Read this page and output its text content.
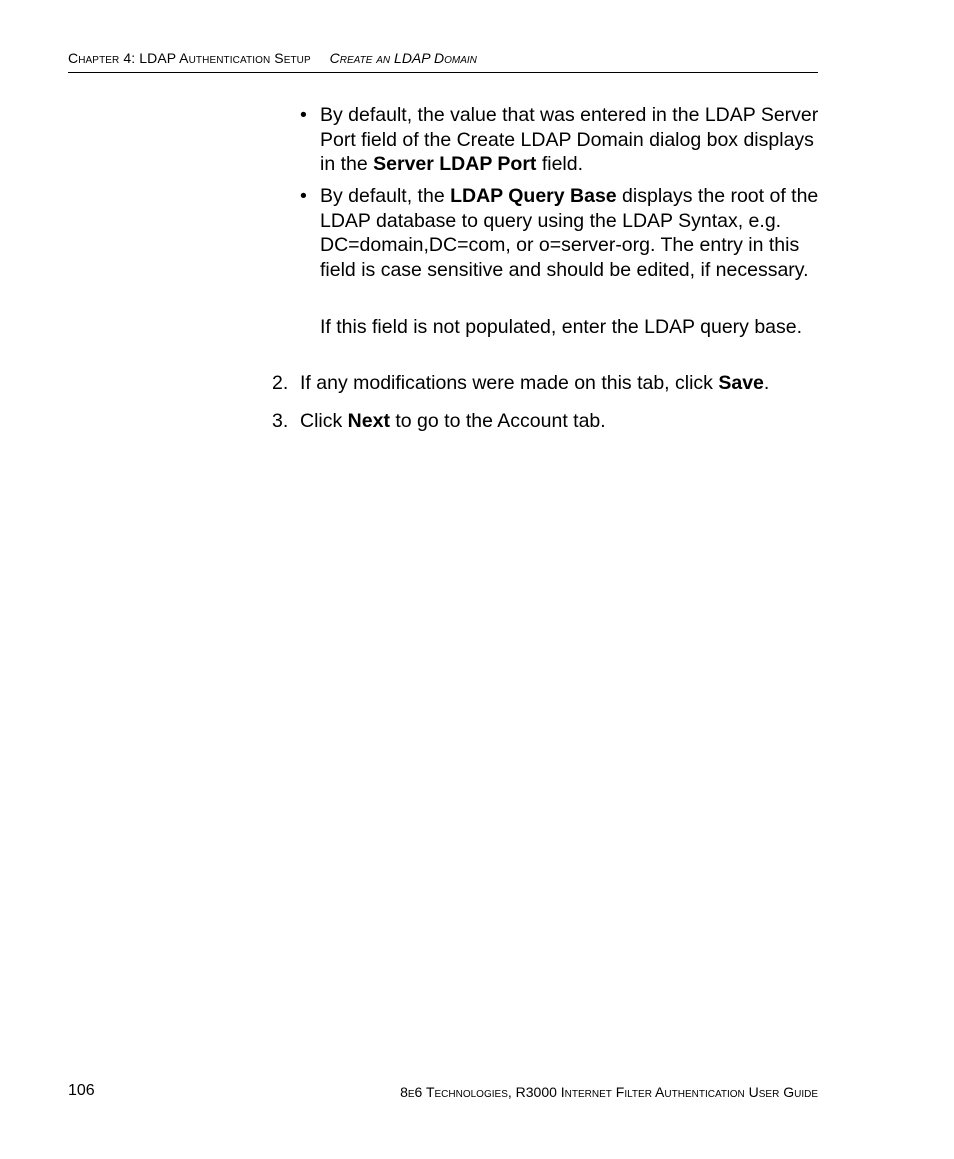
Chapter 4: LDAP Authentication Setup Create an LDAP Domain
• By default, the value that was entered in the LDAP Server Port field of the Create LDAP Domain dialog box displays in the Server LDAP Port field.
• By default, the LDAP Query Base displays the root of the LDAP database to query using the LDAP Syntax, e.g. DC=domain,DC=com, or o=server-org. The entry in this field is case sensitive and should be edited, if necessary.
If this field is not populated, enter the LDAP query base.
2. If any modifications were made on this tab, click Save.
3. Click Next to go to the Account tab.
106	8e6 Technologies, R3000 Internet Filter Authentication User Guide
